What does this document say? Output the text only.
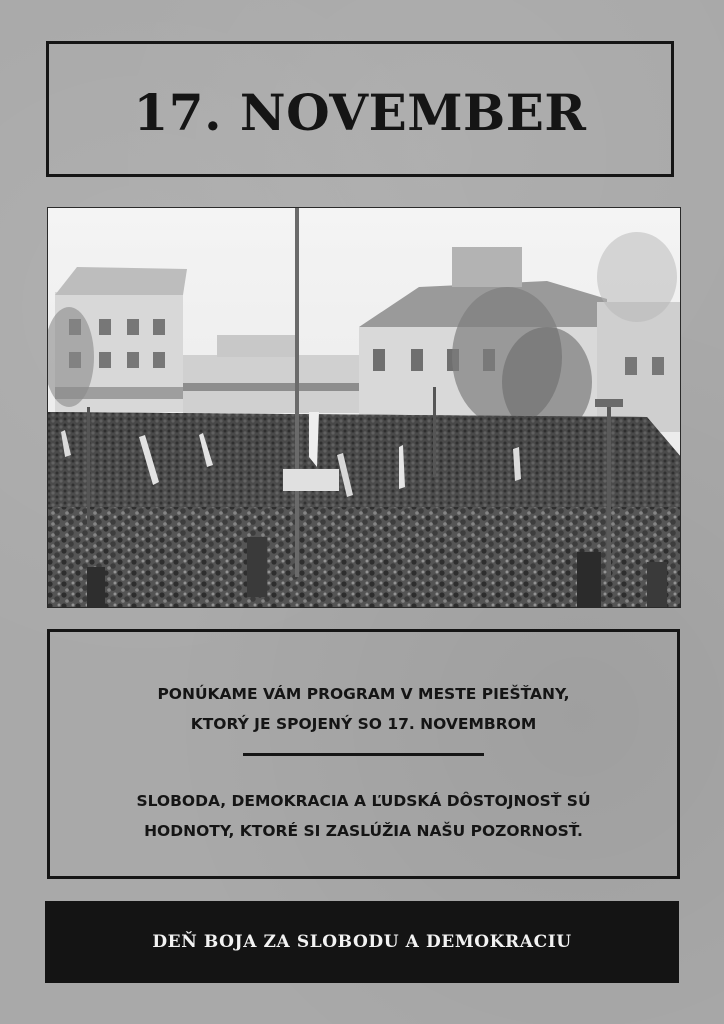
17. NOVEMBER

PONÚKAME VÁM PROGRAM V MESTE PIEŠŤANY,

KTORÝ JE SPOJENÝ SO 17. NOVEMBROM

SLOBODA, DEMOKRACIA A ĽUDSKÁ DÔSTOJNOSŤ SÚ

HODNOTY, KTORÉ SI ZASLÚŽIA NAŠU POZORNOSŤ.

DEŇ BOJA ZA SLOBODU A DEMOKRACIU
